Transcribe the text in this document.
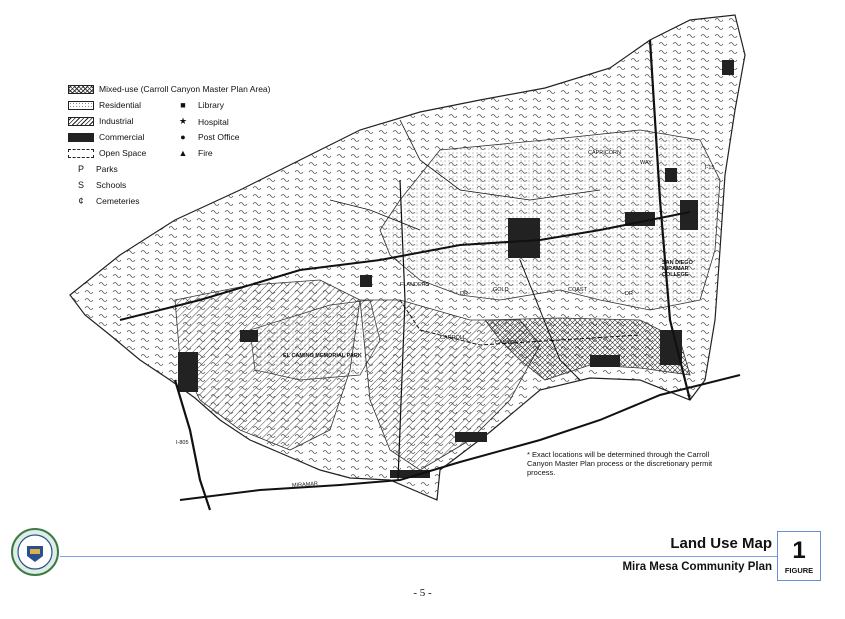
SAN DIEGO MIRAMAR COLLEGE
EL CAMINO MEMORIAL PARK
CAPRICORN
WAY
FLANDERS
DR
GOLD	COAST
DR
CANYON
CARROLL
MIRAMAR
I-15
I-805
Mixed-use (Carroll Canyon Master Plan Area)
Residential
Industrial
Commercial
Open Space
P Parks
S Schools
¢ Cemeteries
■ Library
★ Hospital
● Post Office
▲ Fire
* Exact locations will be determined through the Carroll Canyon Master Plan process or the discretionary permit process.
Land Use Map
Mira Mesa Community Plan
1
FIGURE
- 5 -
